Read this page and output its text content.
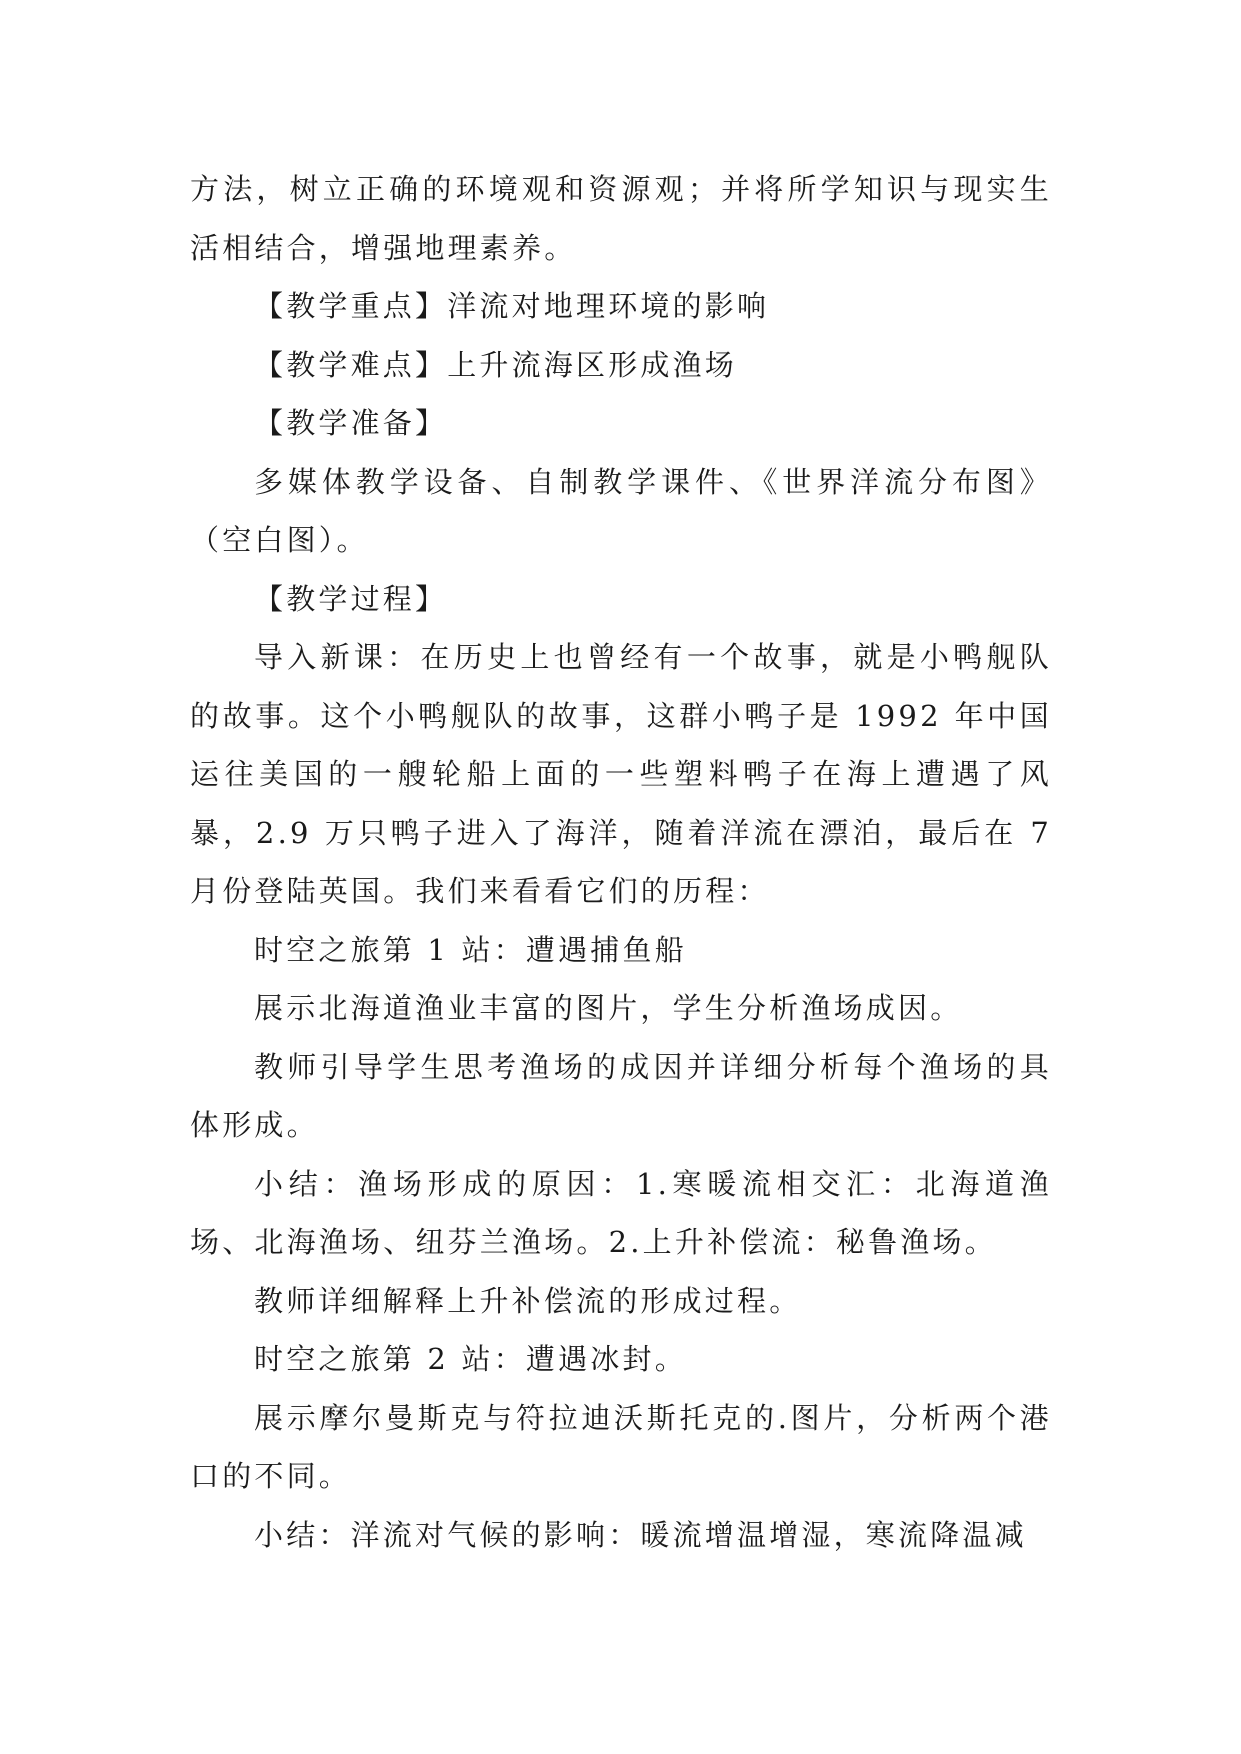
方法，树立正确的环境观和资源观；并将所学知识与现实生活相结合，增强地理素养。

【教学重点】洋流对地理环境的影响

【教学难点】上升流海区形成渔场

【教学准备】

多媒体教学设备、自制教学课件、《世界洋流分布图》（空白图）。

【教学过程】

导入新课：在历史上也曾经有一个故事，就是小鸭舰队的故事。这个小鸭舰队的故事，这群小鸭子是 1992 年中国运往美国的一艘轮船上面的一些塑料鸭子在海上遭遇了风暴，2.9 万只鸭子进入了海洋，随着洋流在漂泊，最后在 7 月份登陆英国。我们来看看它们的历程：

时空之旅第 1 站：遭遇捕鱼船

展示北海道渔业丰富的图片，学生分析渔场成因。

教师引导学生思考渔场的成因并详细分析每个渔场的具体形成。

小结：渔场形成的原因：1.寒暖流相交汇：北海道渔场、北海渔场、纽芬兰渔场。2.上升补偿流：秘鲁渔场。

教师详细解释上升补偿流的形成过程。

时空之旅第 2 站：遭遇冰封。

展示摩尔曼斯克与符拉迪沃斯托克的.图片，分析两个港口的不同。

小结：洋流对气候的影响：暖流增温增湿，寒流降温减
